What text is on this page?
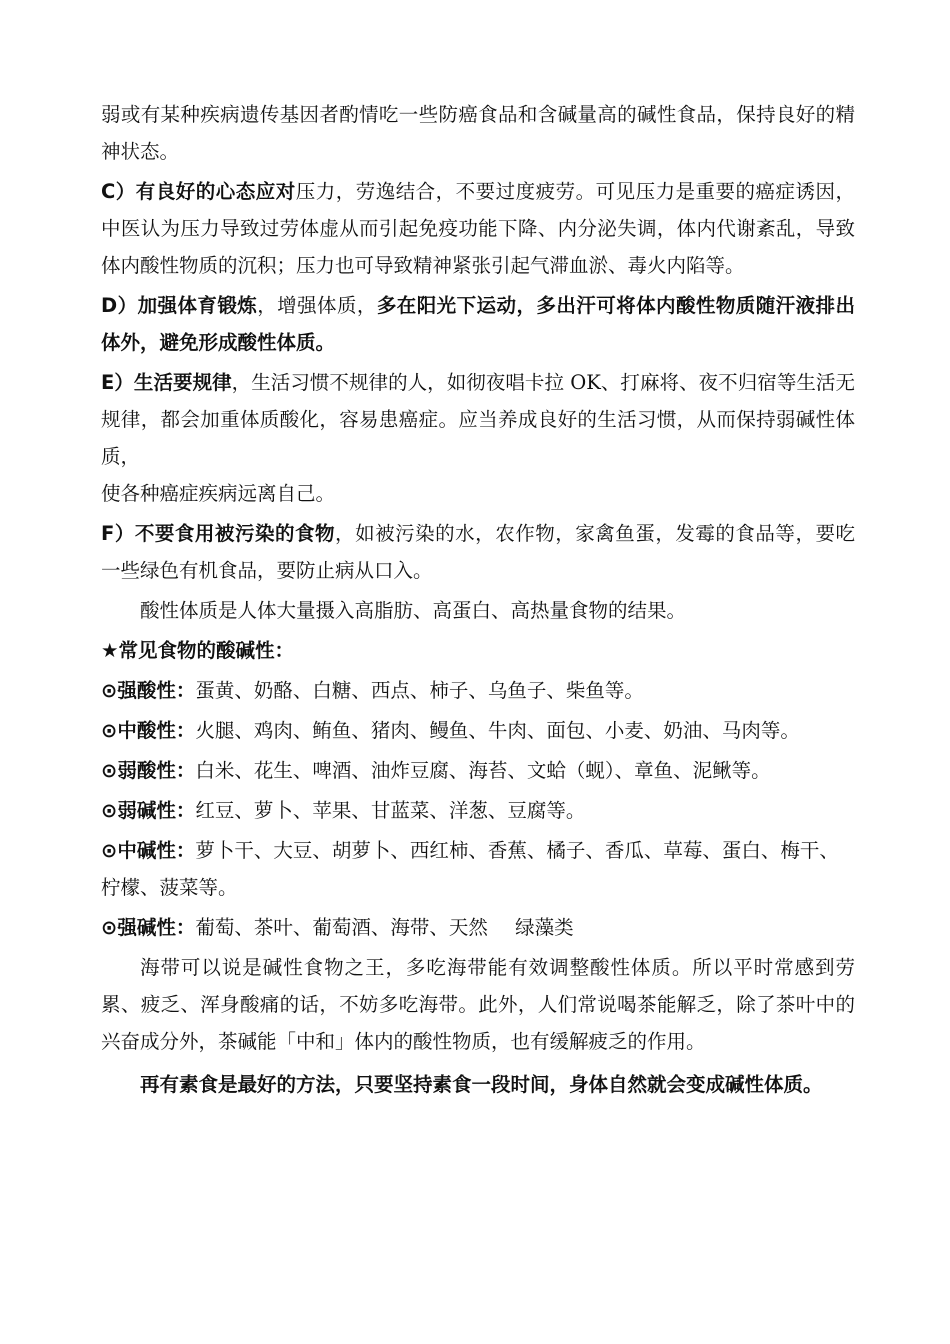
弱或有某种疾病遗传基因者酌情吃一些防癌食品和含碱量高的碱性食品，保持良好的精神状态。

C）有良好的心态应对压力，劳逸结合，不要过度疲劳。可见压力是重要的癌症诱因，中医认为压力导致过劳体虚从而引起免疫功能下降、内分泌失调，体内代谢紊乱，导致体内酸性物质的沉积；压力也可导致精神紧张引起气滞血淤、毒火内陷等。

D）加强体育锻炼，增强体质，多在阳光下运动，多出汗可将体内酸性物质随汗液排出体外，避免形成酸性体质。

E）生活要规律，生活习惯不规律的人，如彻夜唱卡拉 OK、打麻将、夜不归宿等生活无规律，都会加重体质酸化，容易患癌症。应当养成良好的生活习惯，从而保持弱碱性体质，

使各种癌症疾病远离自己。

F）不要食用被污染的食物，如被污染的水，农作物，家禽鱼蛋，发霉的食品等，要吃一些绿色有机食品，要防止病从口入。

酸性体质是人体大量摄入高脂肪、高蛋白、高热量食物的结果。

★常见食物的酸碱性：

⊙强酸性：蛋黄、奶酪、白糖、西点、柿子、乌鱼子、柴鱼等。

⊙中酸性：火腿、鸡肉、鲔鱼、猪肉、鳗鱼、牛肉、面包、小麦、奶油、马肉等。

⊙弱酸性：白米、花生、啤酒、油炸豆腐、海苔、文蛤（蚬）、章鱼、泥鳅等。

⊙弱碱性：红豆、萝卜、苹果、甘蓝菜、洋葱、豆腐等。

⊙中碱性：萝卜干、大豆、胡萝卜、西红柿、香蕉、橘子、香瓜、草莓、蛋白、梅干、柠檬、菠菜等。

⊙强碱性：葡萄、茶叶、葡萄酒、海带、天然 绿藻类

海带可以说是碱性食物之王，多吃海带能有效调整酸性体质。所以平时常感到劳累、疲乏、浑身酸痛的话，不妨多吃海带。此外，人们常说喝茶能解乏，除了茶叶中的兴奋成分外，茶碱能「中和」体内的酸性物质，也有缓解疲乏的作用。

再有素食是最好的方法，只要坚持素食一段时间，身体自然就会变成碱性体质。
